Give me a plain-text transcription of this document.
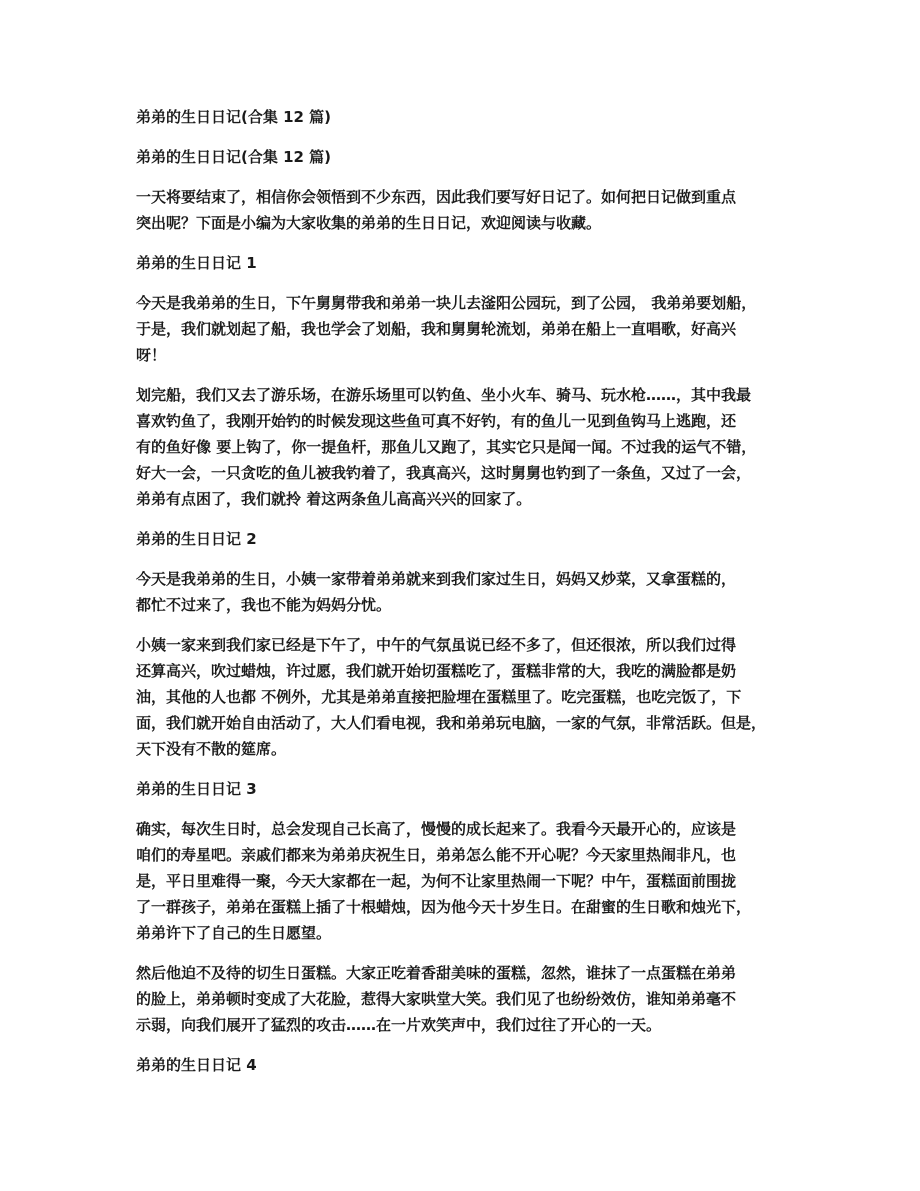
弟弟的生日日记(合集 12 篇)

弟弟的生日日记(合集 12 篇)

一天将要结束了，相信你会领悟到不少东西，因此我们要写好日记了。如何把日记做到重点

突出呢？下面是小编为大家收集的弟弟的生日日记，欢迎阅读与收藏。

弟弟的生日日记 1

今天是我弟弟的生日，下午舅舅带我和弟弟一块儿去滏阳公园玩，到了公园， 我弟弟要划船，

于是，我们就划起了船，我也学会了划船，我和舅舅轮流划，弟弟在船上一直唱歌，好高兴

呀！

划完船，我们又去了游乐场，在游乐场里可以钓鱼、坐小火车、骑马、玩水枪……，其中我最

喜欢钓鱼了，我刚开始钓的时候发现这些鱼可真不好钓，有的鱼儿一见到鱼钩马上逃跑，还

有的鱼好像 要上钩了，你一提鱼杆，那鱼儿又跑了，其实它只是闻一闻。不过我的运气不错，

好大一会，一只贪吃的鱼儿被我钓着了，我真高兴，这时舅舅也钓到了一条鱼，又过了一会，

弟弟有点困了，我们就拎 着这两条鱼儿高高兴兴的回家了。

弟弟的生日日记 2

今天是我弟弟的生日，小姨一家带着弟弟就来到我们家过生日，妈妈又炒菜，又拿蛋糕的，

都忙不过来了，我也不能为妈妈分忧。

小姨一家来到我们家已经是下午了，中午的气氛虽说已经不多了，但还很浓，所以我们过得

还算高兴，吹过蜡烛，许过愿，我们就开始切蛋糕吃了，蛋糕非常的大，我吃的满脸都是奶

油，其他的人也都 不例外，尤其是弟弟直接把脸埋在蛋糕里了。吃完蛋糕，也吃完饭了，下

面，我们就开始自由活动了，大人们看电视，我和弟弟玩电脑，一家的气氛，非常活跃。但是，

天下没有不散的筵席。

弟弟的生日日记 3

确实，每次生日时，总会发现自己长高了，慢慢的成长起来了。我看今天最开心的，应该是

咱们的寿星吧。亲戚们都来为弟弟庆祝生日，弟弟怎么能不开心呢？今天家里热闹非凡，也

是，平日里难得一聚，今天大家都在一起，为何不让家里热闹一下呢？中午，蛋糕面前围拢

了一群孩子，弟弟在蛋糕上插了十根蜡烛，因为他今天十岁生日。在甜蜜的生日歌和烛光下，

弟弟许下了自己的生日愿望。

然后他迫不及待的切生日蛋糕。大家正吃着香甜美味的蛋糕，忽然，谁抹了一点蛋糕在弟弟

的脸上，弟弟顿时变成了大花脸，惹得大家哄堂大笑。我们见了也纷纷效仿，谁知弟弟毫不

示弱，向我们展开了猛烈的攻击……在一片欢笑声中，我们过往了开心的一天。

弟弟的生日日记 4
